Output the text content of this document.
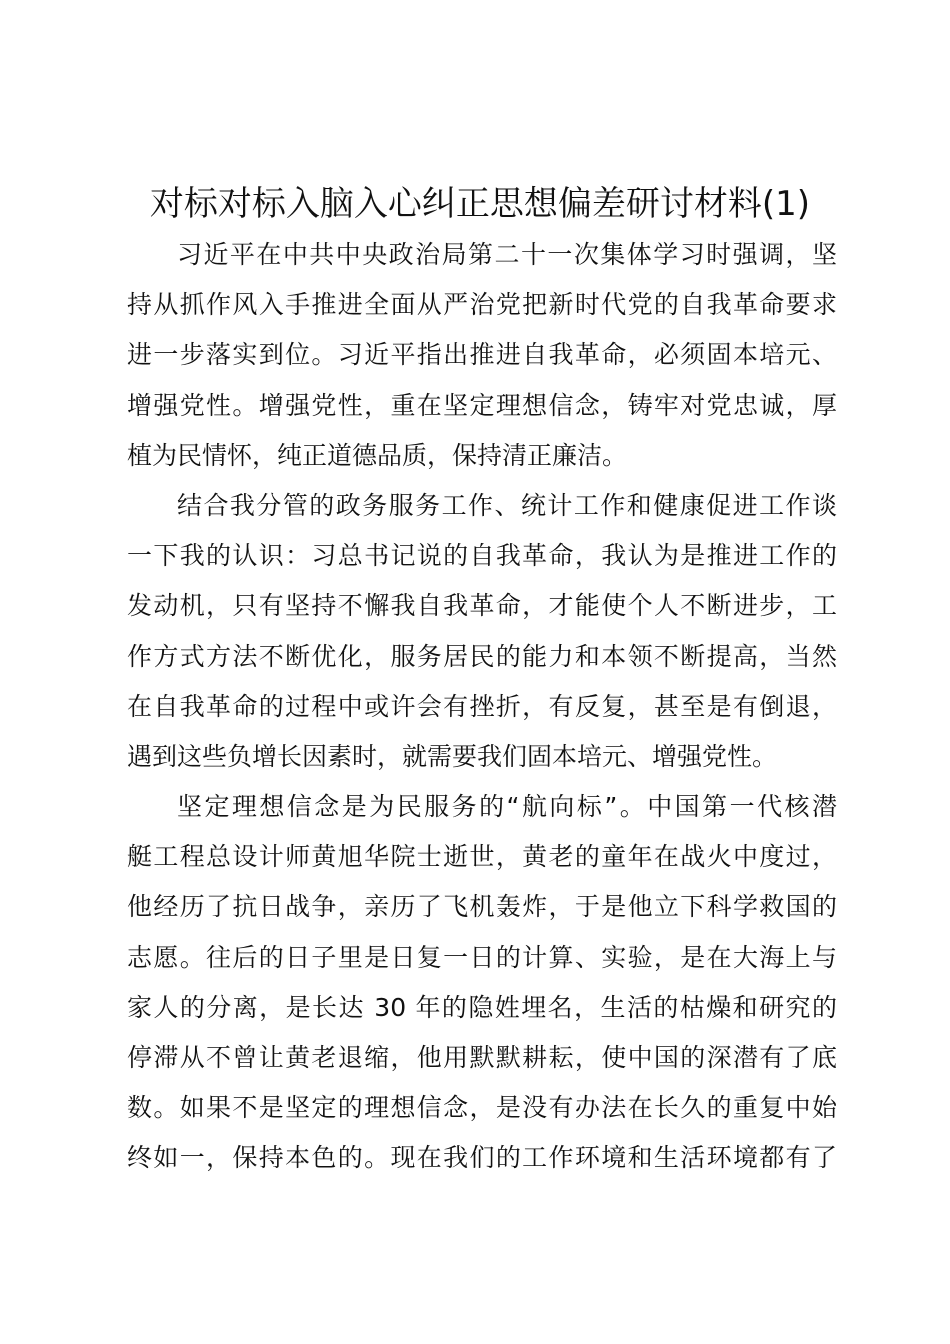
对标对标入脑入心纠正思想偏差研讨材料(1)
习近平在中共中央政治局第二十一次集体学习时强调，坚
持从抓作风入手推进全面从严治党把新时代党的自我革命要求
进一步落实到位。习近平指出推进自我革命，必须固本培元、
增强党性。增强党性，重在坚定理想信念，铸牢对党忠诚，厚
植为民情怀，纯正道德品质，保持清正廉洁。
结合我分管的政务服务工作、统计工作和健康促进工作谈
一下我的认识：习总书记说的自我革命，我认为是推进工作的
发动机，只有坚持不懈我自我革命，才能使个人不断进步，工
作方式方法不断优化，服务居民的能力和本领不断提高，当然
在自我革命的过程中或许会有挫折，有反复，甚至是有倒退，
遇到这些负增长因素时，就需要我们固本培元、增强党性。
坚定理想信念是为民服务的“航向标”。中国第一代核潜
艇工程总设计师黄旭华院士逝世，黄老的童年在战火中度过，
他经历了抗日战争，亲历了飞机轰炸，于是他立下科学救国的
志愿。往后的日子里是日复一日的计算、实验，是在大海上与
家人的分离，是长达 30 年的隐姓埋名，生活的枯燥和研究的
停滞从不曾让黄老退缩，他用默默耕耘，使中国的深潜有了底
数。如果不是坚定的理想信念，是没有办法在长久的重复中始
终如一，保持本色的。现在我们的工作环境和生活环境都有了
